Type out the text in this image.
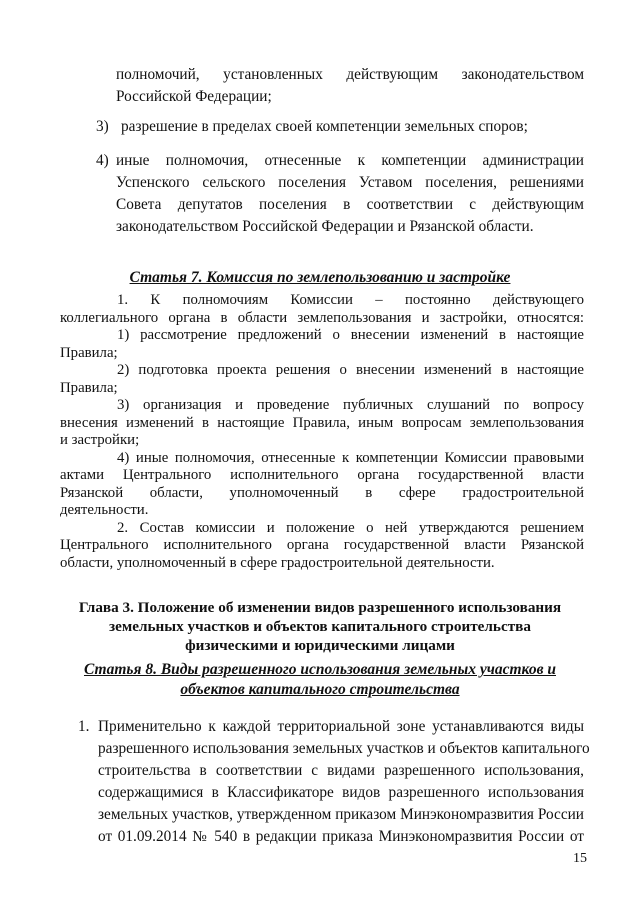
полномочий, установленных действующим законодательством
Российской Федерации;
3) разрешение в пределах своей компетенции земельных споров;
4) иные полномочия, отнесенные к компетенции администрации
Успенского сельского поселения Уставом поселения, решениями
Совета депутатов поселения в соответствии с действующим
законодательством Российской Федерации и Рязанской области.
Статья 7. Комиссия по землепользованию и застройке
1. К полномочиям Комиссии – постоянно действующего
коллегиального органа в области землепользования и застройки, относятся:
1) рассмотрение предложений о внесении изменений в настоящие
Правила;
2) подготовка проекта решения о внесении изменений в настоящие
Правила;
3) организация и проведение публичных слушаний по вопросу
внесения изменений в настоящие Правила, иным вопросам землепользования
и застройки;
4) иные полномочия, отнесенные к компетенции Комиссии правовыми
актами Центрального исполнительного органа государственной власти
Рязанской области, уполномоченный в сфере градостроительной
деятельности.
2. Состав комиссии и положение о ней утверждаются решением
Центрального исполнительного органа государственной власти Рязанской
области, уполномоченный в сфере градостроительной деятельности.
Глава 3. Положение об изменении видов разрешенного использования
земельных участков и объектов капитального строительства
физическими и юридическими лицами
Статья 8. Виды разрешенного использования земельных участков и
объектов капитального строительства
1. Применительно к каждой территориальной зоне устанавливаются виды
разрешенного использования земельных участков и объектов капитального
строительства в соответствии с видами разрешенного использования,
содержащимися в Классификаторе видов разрешенного использования
земельных участков, утвержденном приказом Минэкономразвития России
от 01.09.2014 № 540 в редакции приказа Минэкономразвития России от
15
